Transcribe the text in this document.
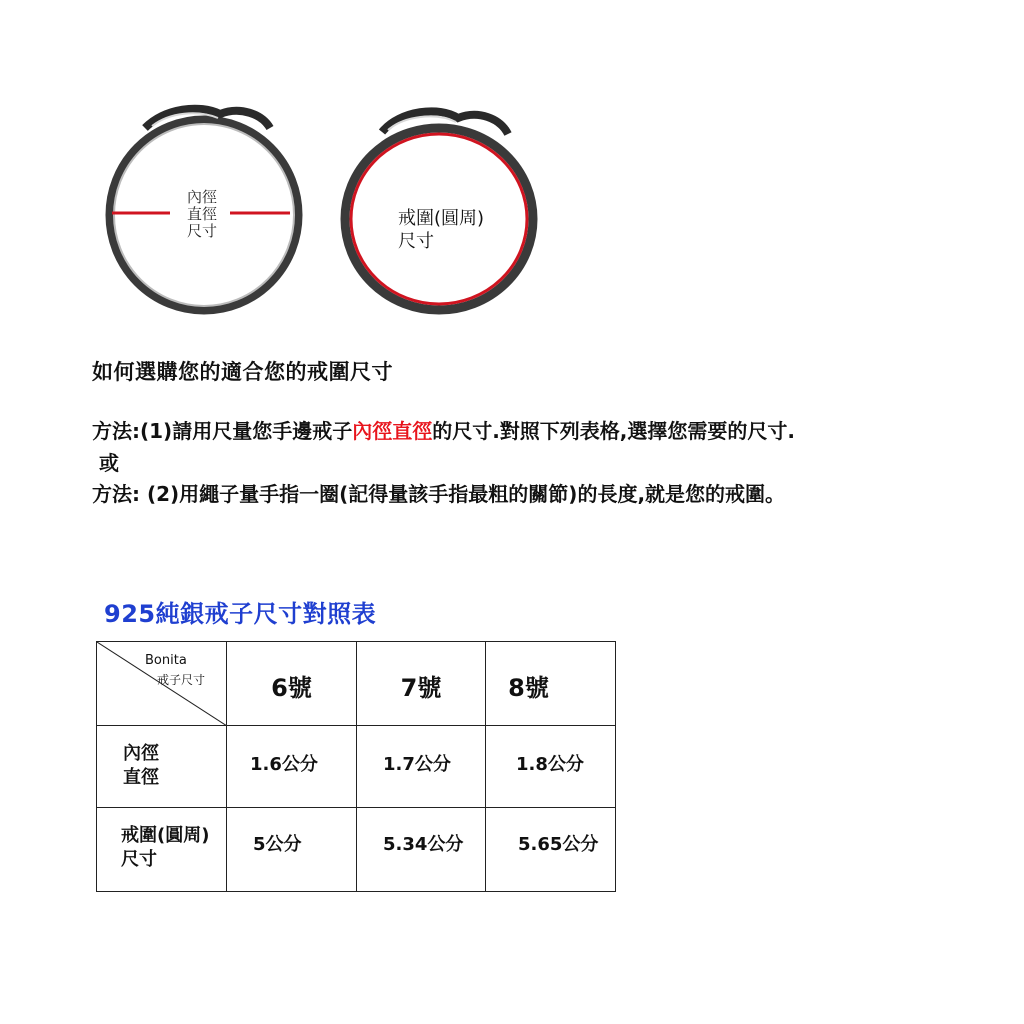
內徑
直徑
尺寸
戒圍(圓周)
尺寸
如何選購您的適合您的戒圍尺寸
方法:(1)請用尺量您手邊戒子內徑直徑的尺寸.對照下列表格,選擇您需要的尺寸.
或
方法: (2)用繩子量手指一圈(記得量該手指最粗的關節)的長度,就是您的戒圍。
925純銀戒子尺寸對照表
Bonita
戒子尺寸	6號	7號	8號

內徑
直徑	1.6公分	1.7公分	1.8公分

戒圍(圓周)
尺寸	5公分	5.34公分	5.65公分
